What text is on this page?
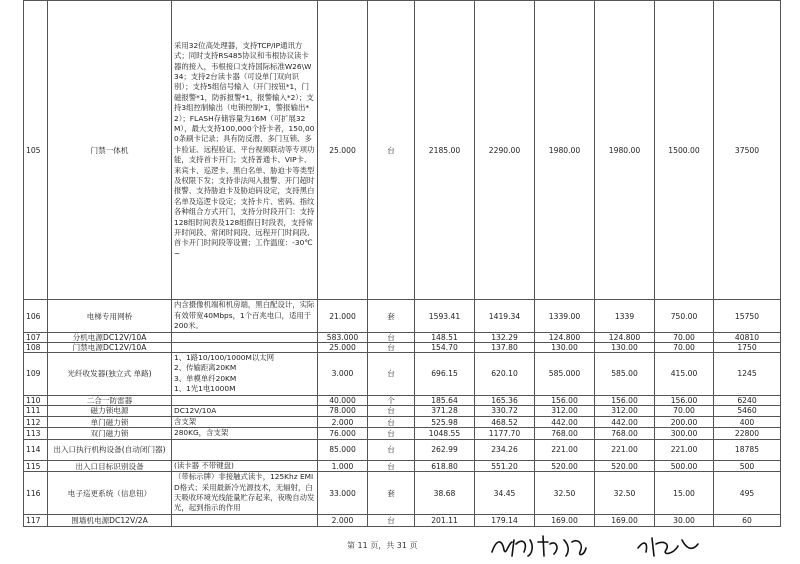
105	门禁一体机	采用32位高处理器，支持TCP/IP通讯方式；同时支持RS485协议和韦根协议读卡器的接入，韦根接口支持国际标准W26\W34；支持2台读卡器（可设单门双向识别）；支持5组信号输入（开门按钮*1，门磁报警*1，防拆报警*1，报警输入*2）；支持3组控制输出（电锁控制*1，警报输出*2）；FLASH存储容量为16M（可扩展32M），最大支持100,000个持卡者，150,000条刷卡记录；具有防反潜、多门互锁、多卡验证、远程验证、平台视频联动等专项功能，支持首卡开门；支持普通卡、VIP卡、来宾卡、巡逻卡、黑白名单、胁迫卡等类型及权限下发；支持非法闯入报警、开门超时报警、支持胁迫卡及胁迫码设定，支持黑白名单及巡逻卡设定；支持卡片、密码、指纹各种组合方式开门，支持分时段开门：支持128组时间表及128组假日时段表，支持常开时间段、常闭时间段、远程开门时间段、首卡开门时间段等设置；工作温度：-30℃~	25.000	台	2185.00	2290.00	1980.00	1980.00	1500.00	37500
106	电梯专用网桥	内含摄像机端和机房端，黑白配设计，实际有效带宽40Mbps，1个百兆电口，适用于200米。	21.000	套	1593.41	1419.34	1339.00	1339	750.00	15750
107	分机电源DC12V/10A		583.000	台	148.51	132.29	124.800	124.800	70.00	40810
108	门禁电源DC12V/10A		25.000	台	154.70	137.80	130.00	130.00	70.00	1750
109	光纤收发器(独立式 单路)	1、1路10/100/1000M以太网
2、传输距离20KM
3、单模单纤20KM
1、1光1电1000M	3.000	台	696.15	620.10	585.000	585.00	415.00	1245
110	二合一防雷器		40.000	个	185.64	165.36	156.00	156.00	156.00	6240
111	磁力锁电源	DC12V/10A	78.000	台	371.28	330.72	312.00	312.00	70.00	5460
112	单门磁力锁	含支架	2.000	台	525.98	468.52	442.00	442.00	200.00	400
113	双门磁力锁	280KG，含支架	76.000	台	1048.55	1177.70	768.00	768.00	300.00	22800
114	出入口执行机构设备(自动闭门器)		85.000	台	262.99	234.26	221.00	221.00	221.00	18785
115	出入口目标识别设备	(读卡器 不带键盘)	1.000	台	618.80	551.20	520.00	520.00	500.00	500
116	电子巡更系统（信息钮）	（带标示牌）非接触式读卡，125Khz EMID格式；采用最新冷光源技术，无辐射，白天吸收环境光线能量贮存起来，夜晚自动发光，起到指示的作用	33.000	套	38.68	34.45	32.50	32.50	15.00	495
117	围墙机电源DC12V/2A		2.000	台	201.11	179.14	169.00	169.00	30.00	60
第 11 页，共 31 页
